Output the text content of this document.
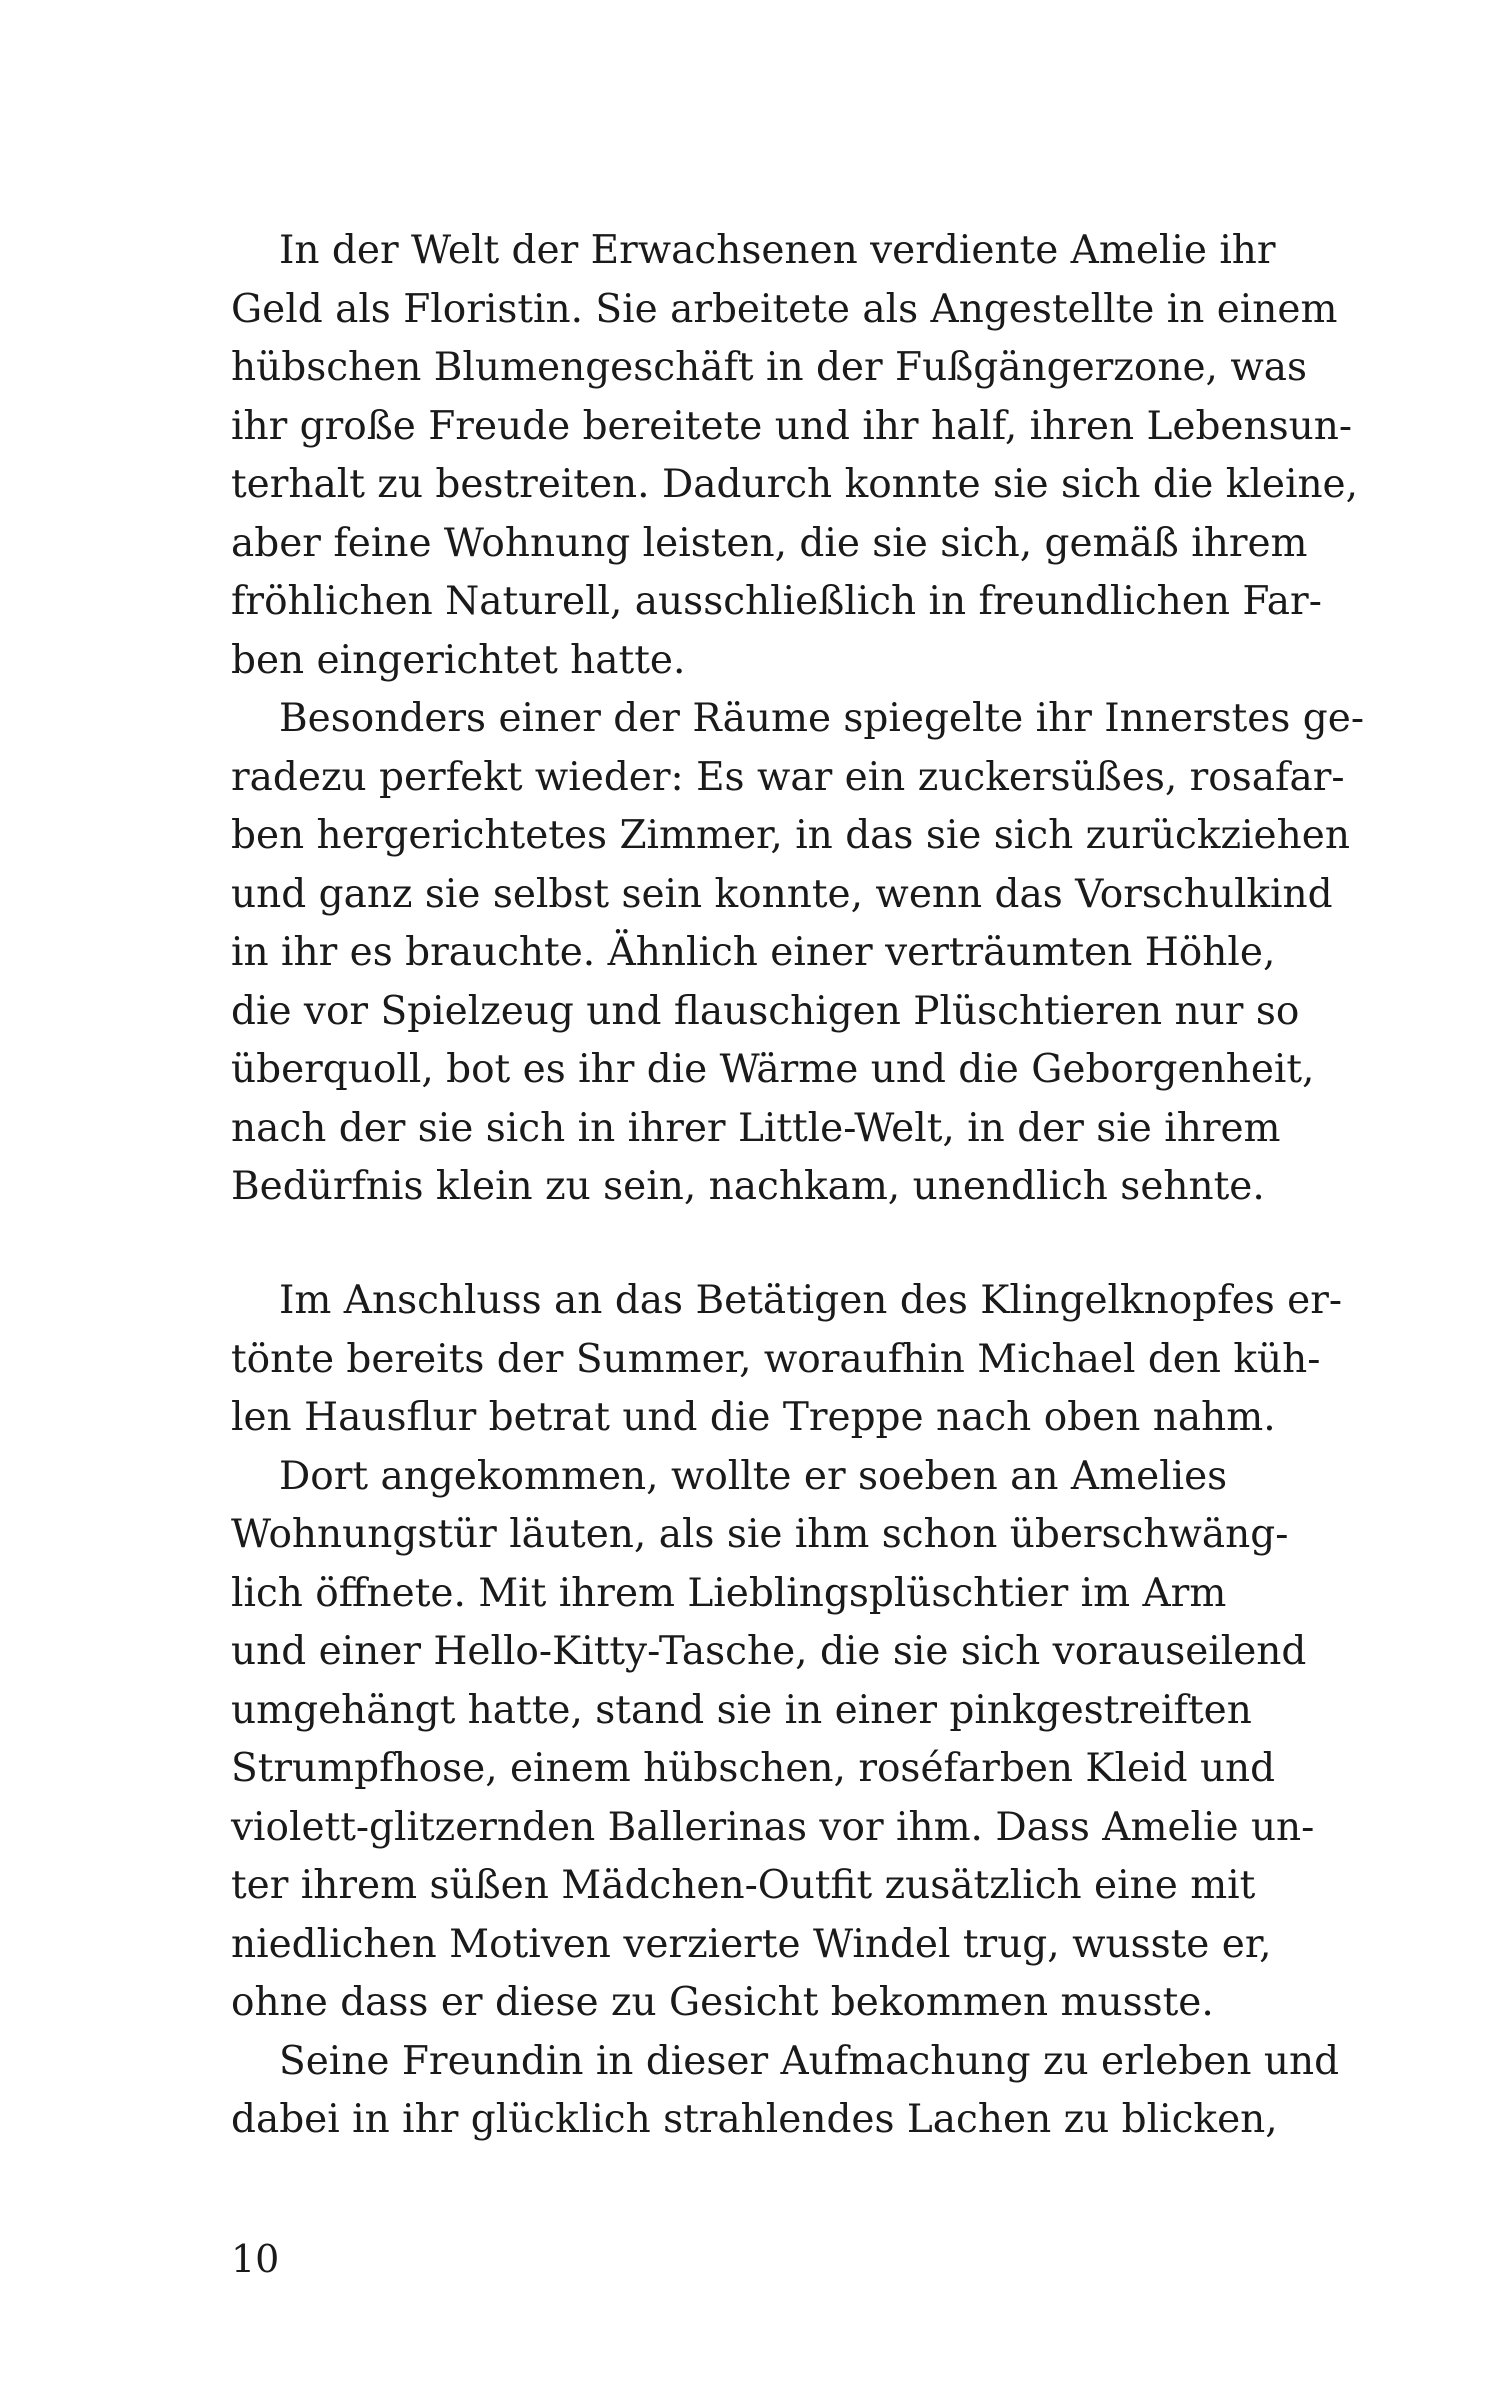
In der Welt der Erwachsenen verdiente Amelie ihr
Geld als Floristin. Sie arbeitete als Angestellte in einem
hübschen Blumengeschäft in der Fußgängerzone, was
ihr große Freude bereitete und ihr half, ihren Lebensun-
terhalt zu bestreiten. Dadurch konnte sie sich die kleine,
aber feine Wohnung leisten, die sie sich, gemäß ihrem
fröhlichen Naturell, ausschließlich in freundlichen Far-
ben eingerichtet hatte.
Besonders einer der Räume spiegelte ihr Innerstes ge-
radezu perfekt wieder: Es war ein zuckersüßes, rosafar-
ben hergerichtetes Zimmer, in das sie sich zurückziehen
und ganz sie selbst sein konnte, wenn das Vorschulkind
in ihr es brauchte. Ähnlich einer verträumten Höhle,
die vor Spielzeug und flauschigen Plüschtieren nur so
überquoll, bot es ihr die Wärme und die Geborgenheit,
nach der sie sich in ihrer Little-Welt, in der sie ihrem
Bedürfnis klein zu sein, nachkam, unendlich sehnte.
Im Anschluss an das Betätigen des Klingelknopfes er-
tönte bereits der Summer, woraufhin Michael den küh-
len Hausflur betrat und die Treppe nach oben nahm.
Dort angekommen, wollte er soeben an Amelies
Wohnungstür läuten, als sie ihm schon überschwäng-
lich öffnete. Mit ihrem Lieblingsplüschtier im Arm
und einer Hello-Kitty-Tasche, die sie sich vorauseilend
umgehängt hatte, stand sie in einer pinkgestreiften
Strumpfhose, einem hübschen, roséfarben Kleid und
violett-glitzernden Ballerinas vor ihm. Dass Amelie un-
ter ihrem süßen Mädchen-Outfit zusätzlich eine mit
niedlichen Motiven verzierte Windel trug, wusste er,
ohne dass er diese zu Gesicht bekommen musste.
Seine Freundin in dieser Aufmachung zu erleben und
dabei in ihr glücklich strahlendes Lachen zu blicken,
10
